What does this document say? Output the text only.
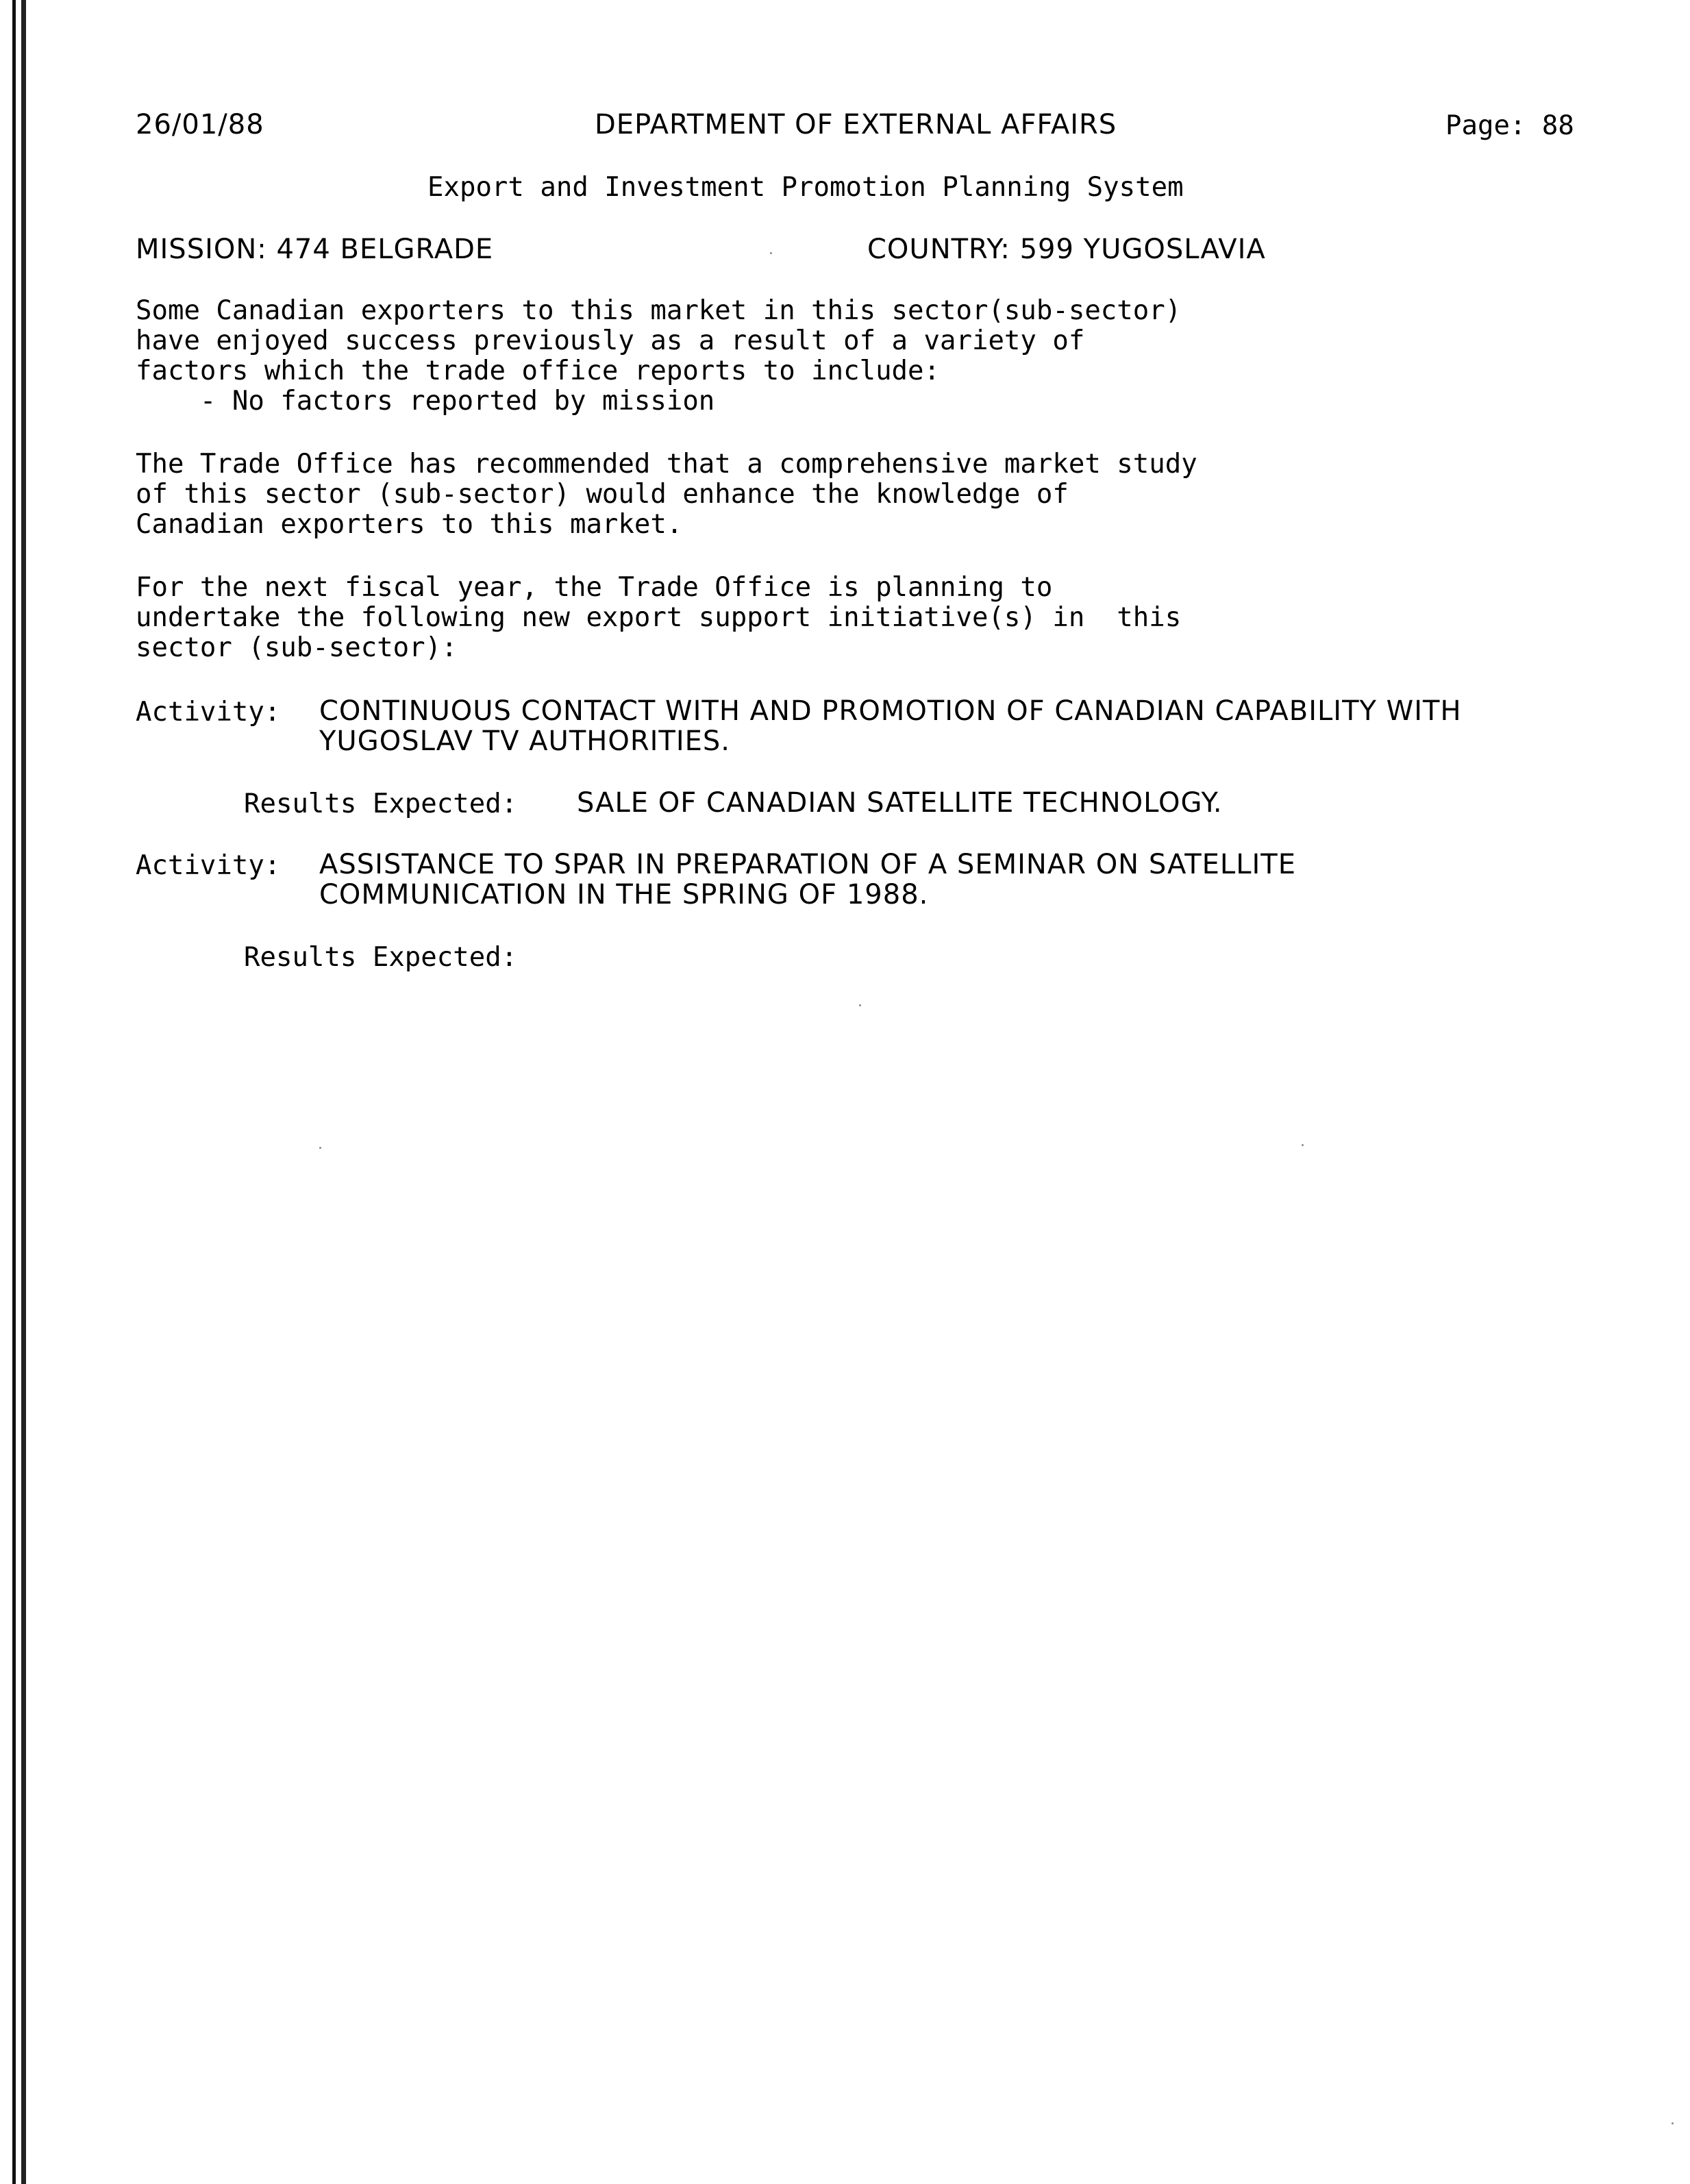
26/01/88	DEPARTMENT OF EXTERNAL AFFAIRS	Page: 88
Export and Investment Promotion Planning System
MISSION: 474 BELGRADE	COUNTRY: 599 YUGOSLAVIA
Some Canadian exporters to this market in this sector(sub-sector)
have enjoyed success previously as a result of a variety of
factors which the trade office reports to include:
- No factors reported by mission
The Trade Office has recommended that a comprehensive market study
of this sector (sub-sector) would enhance the knowledge of
Canadian exporters to this market.
For the next fiscal year, the Trade Office is planning to
undertake the following new export support initiative(s) in  this
sector (sub-sector):
Activity: CONTINUOUS CONTACT WITH AND PROMOTION OF CANADIAN CAPABILITY WITH
YUGOSLAV TV AUTHORITIES.
Results Expected: SALE OF CANADIAN SATELLITE TECHNOLOGY.
Activity: ASSISTANCE TO SPAR IN PREPARATION OF A SEMINAR ON SATELLITE
COMMUNICATION IN THE SPRING OF 1988.
Results Expected:
